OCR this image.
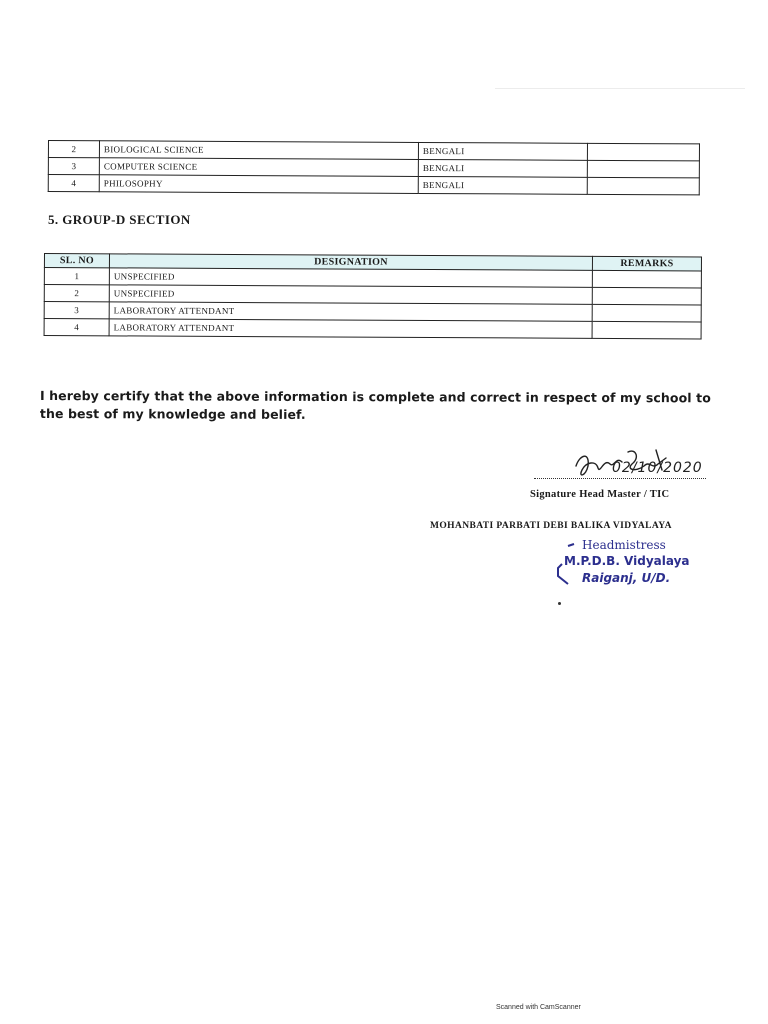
2	BIOLOGICAL SCIENCE	BENGALI	
3	COMPUTER SCIENCE	BENGALI	
4	PHILOSOPHY	BENGALI	
5. GROUP-D SECTION
SL. NO	DESIGNATION	REMARKS
1	UNSPECIFIED	
2	UNSPECIFIED	
3	LABORATORY ATTENDANT	
4	LABORATORY ATTENDANT	
I hereby certify that the above information is complete and correct in respect of my school to the best of my knowledge and belief.
02/10/2020
Signature Head Master / TIC
MOHANBATI PARBATI DEBI BALIKA VIDYALAYA
Headmistress
M.P.D.B. Vidyalaya
Raiganj, U/D.
Scanned with CamScanner
